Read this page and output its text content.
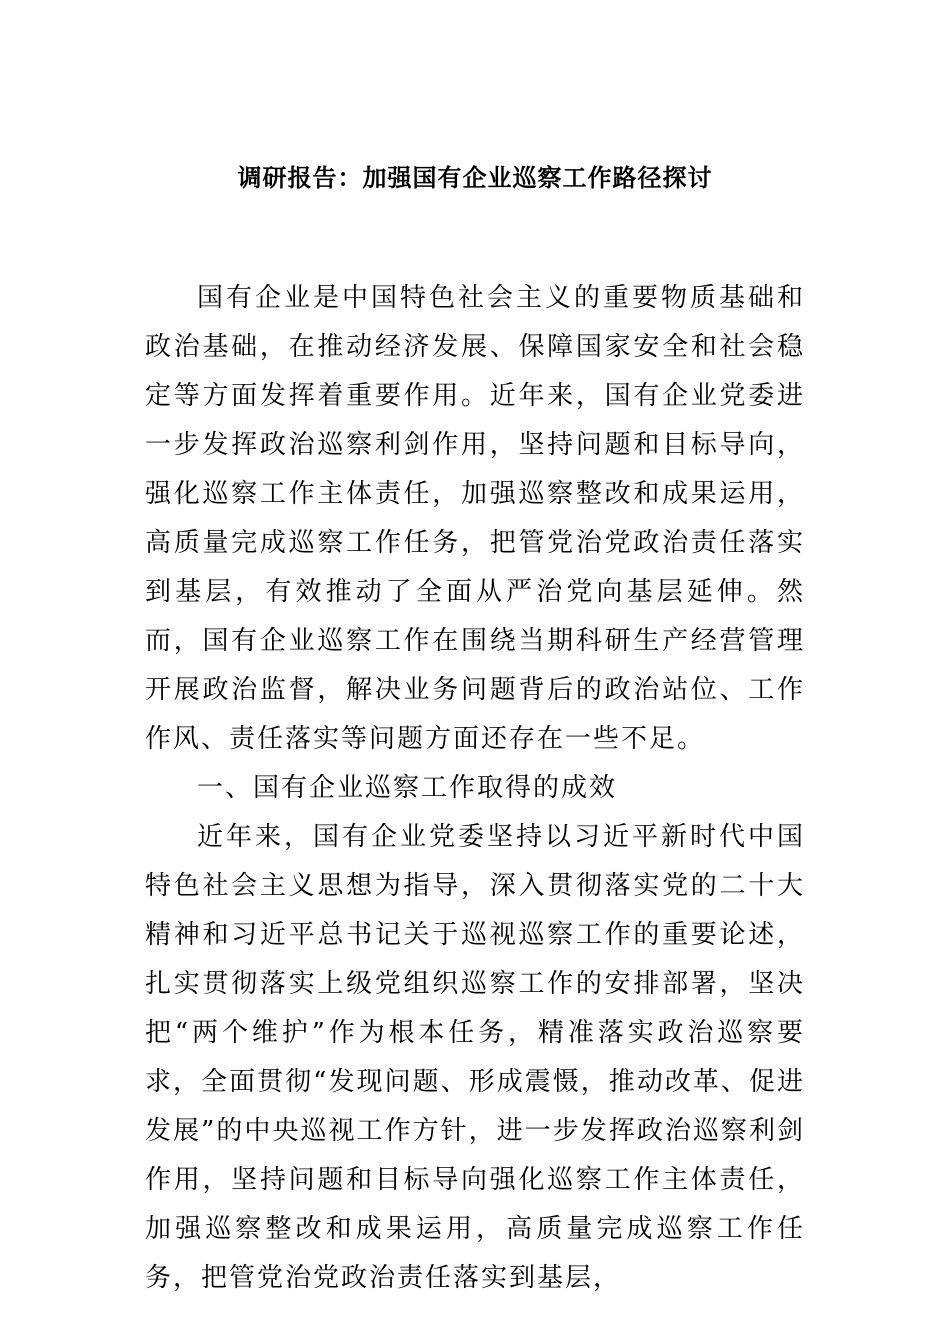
调研报告：加强国有企业巡察工作路径探讨

国有企业是中国特色社会主义的重要物质基础和政治基础，在推动经济发展、保障国家安全和社会稳定等方面发挥着重要作用。近年来，国有企业党委进一步发挥政治巡察利剑作用，坚持问题和目标导向，强化巡察工作主体责任，加强巡察整改和成果运用，高质量完成巡察工作任务，把管党治党政治责任落实到基层，有效推动了全面从严治党向基层延伸。然而，国有企业巡察工作在围绕当期科研生产经营管理开展政治监督，解决业务问题背后的政治站位、工作作风、责任落实等问题方面还存在一些不足。

一、国有企业巡察工作取得的成效

近年来，国有企业党委坚持以习近平新时代中国特色社会主义思想为指导，深入贯彻落实党的二十大精神和习近平总书记关于巡视巡察工作的重要论述，扎实贯彻落实上级党组织巡察工作的安排部署，坚决把“两个维护”作为根本任务，精准落实政治巡察要求，全面贯彻“发现问题、形成震慑，推动改革、促进发展”的中央巡视工作方针，进一步发挥政治巡察利剑作用，坚持问题和目标导向强化巡察工作主体责任，加强巡察整改和成果运用，高质量完成巡察工作任务，把管党治党政治责任落实到基层，
